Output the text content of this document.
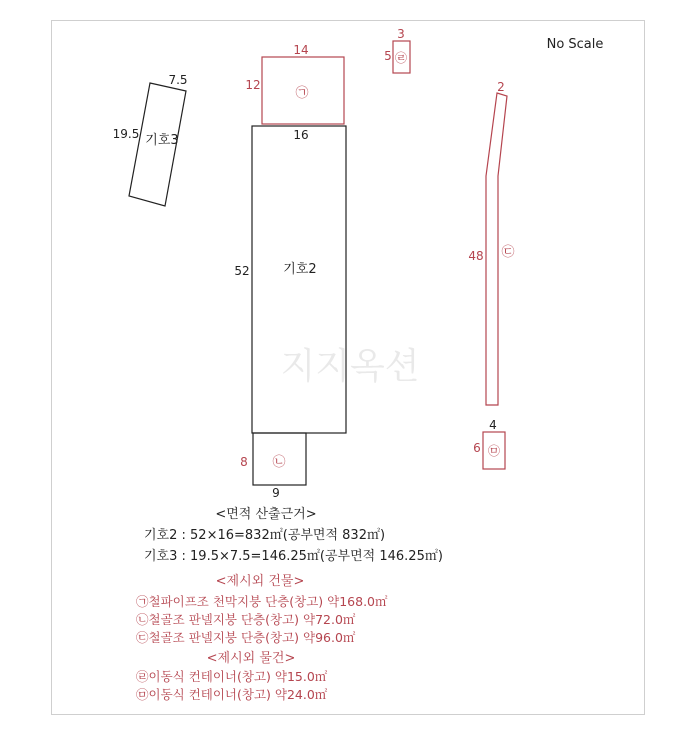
지지옥션
No Scale
7.5
19.5 기호3
14
12
㉠
16
52	기호2
9
8 ㉡
3
5 ㉣
2
48 ㉢
4
6 ㉤
<면적 산출근거>
기호2 : 52×16=832㎡(공부면적 832㎡)
기호3 : 19.5×7.5=146.25㎡(공부면적 146.25㎡)
<제시외 건물>
㉠철파이프조 천막지붕 단층(창고) 약168.0㎡
㉡철골조 판넬지붕 단층(창고) 약72.0㎡
㉢철골조 판넬지붕 단층(창고) 약96.0㎡
<제시외 물건>
㉣이동식 컨테이너(창고) 약15.0㎡
㉤이동식 컨테이너(창고) 약24.0㎡
